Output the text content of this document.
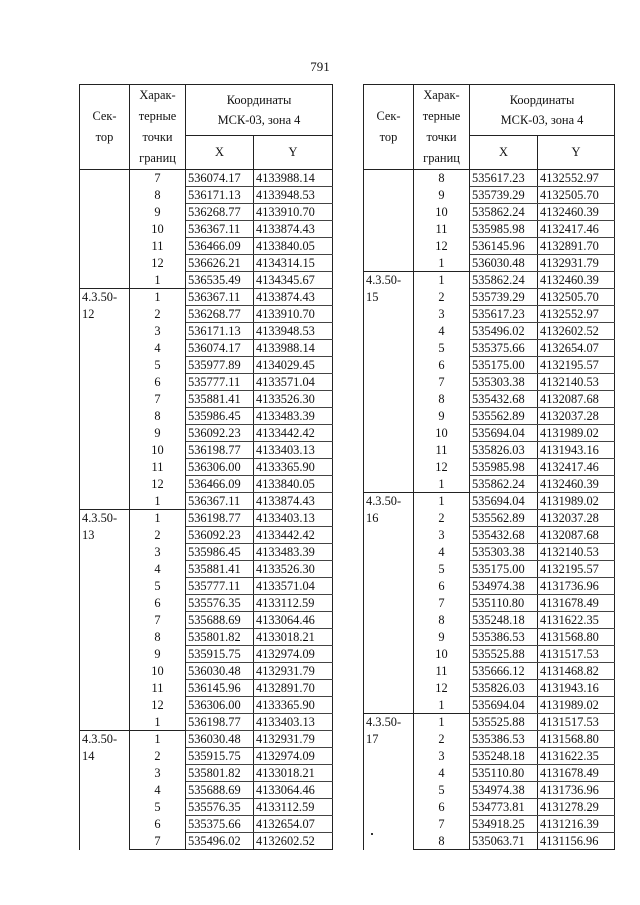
791
Сек-
тор	Харак-
терные
точки
границ	Координаты
МСК-03, зона 4	
		X	Y
	7	536074.17	4133988.14
	8	536171.13	4133948.53
	9	536268.77	4133910.70
	10	536367.11	4133874.43
	11	536466.09	4133840.05
	12	536626.21	4134314.15
	1	536535.49	4134345.67
4.3.50-
12	1	536367.11	4133874.43
	2	536268.77	4133910.70
	3	536171.13	4133948.53
	4	536074.17	4133988.14
	5	535977.89	4134029.45
	6	535777.11	4133571.04
	7	535881.41	4133526.30
	8	535986.45	4133483.39
	9	536092.23	4133442.42
	10	536198.77	4133403.13
	11	536306.00	4133365.90
	12	536466.09	4133840.05
	1	536367.11	4133874.43
4.3.50-
13	1	536198.77	4133403.13
	2	536092.23	4133442.42
	3	535986.45	4133483.39
	4	535881.41	4133526.30
	5	535777.11	4133571.04
	6	535576.35	4133112.59
	7	535688.69	4133064.46
	8	535801.82	4133018.21
	9	535915.75	4132974.09
	10	536030.48	4132931.79
	11	536145.96	4132891.70
	12	536306.00	4133365.90
	1	536198.77	4133403.13
4.3.50-
14	1	536030.48	4132931.79
	2	535915.75	4132974.09
	3	535801.82	4133018.21
	4	535688.69	4133064.46
	5	535576.35	4133112.59
	6	535375.66	4132654.07
	7	535496.02	4132602.52
Сек-
тор	Харак-
терные
точки
границ	Координаты
МСК-03, зона 4	
		X	Y
	8	535617.23	4132552.97
	9	535739.29	4132505.70
	10	535862.24	4132460.39
	11	535985.98	4132417.46
	12	536145.96	4132891.70
	1	536030.48	4132931.79
4.3.50-
15	1	535862.24	4132460.39
	2	535739.29	4132505.70
	3	535617.23	4132552.97
	4	535496.02	4132602.52
	5	535375.66	4132654.07
	6	535175.00	4132195.57
	7	535303.38	4132140.53
	8	535432.68	4132087.68
	9	535562.89	4132037.28
	10	535694.04	4131989.02
	11	535826.03	4131943.16
	12	535985.98	4132417.46
	1	535862.24	4132460.39
4.3.50-
16	1	535694.04	4131989.02
	2	535562.89	4132037.28
	3	535432.68	4132087.68
	4	535303.38	4132140.53
	5	535175.00	4132195.57
	6	534974.38	4131736.96
	7	535110.80	4131678.49
	8	535248.18	4131622.35
	9	535386.53	4131568.80
	10	535525.88	4131517.53
	11	535666.12	4131468.82
	12	535826.03	4131943.16
	1	535694.04	4131989.02
4.3.50-
17	1	535525.88	4131517.53
	2	535386.53	4131568.80
	3	535248.18	4131622.35
	4	535110.80	4131678.49
	5	534974.38	4131736.96
	6	534773.81	4131278.29
	7	534918.25	4131216.39
	8	535063.71	4131156.96
